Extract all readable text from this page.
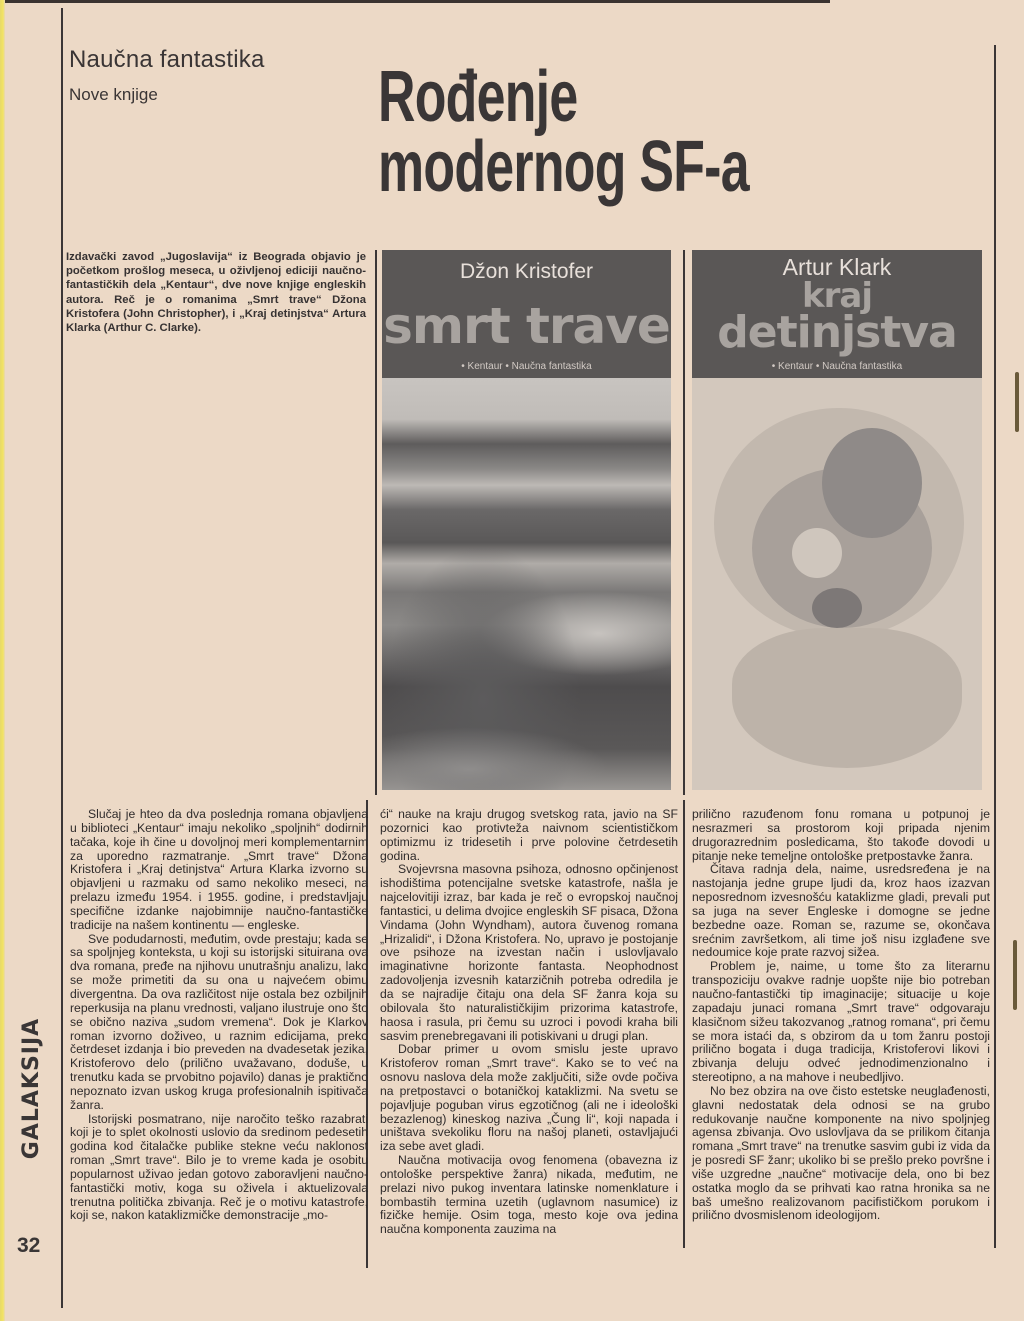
Naučna fantastika
Nove knjige	Rođenje
modernog SF-a
Izdavački zavod „Jugoslavija“ iz Beograda objavio je početkom prošlog meseca, u oživljenoj ediciji naučno-fantastičkih dela „Kentaur“, dve nove knjige engleskih autora. Reč je o romanima „Smrt trave“ Džona Kristofera (John Christopher), i „Kraj detinjstva“ Artura Klarka (Arthur C. Clarke).
Džon Kristofer
smrt trave
• Kentaur • Naučna fantastika
Artur Klark
kraj
detinjstva
• Kentaur • Naučna fantastika

Slučaj je hteo da dva poslednja romana objavljena u biblioteci „Kentaur“ imaju nekoliko „spoljnih“ dodirnih tačaka, koje ih čine u dovoljnoj meri komplementarnim za uporedno razmatranje. „Smrt trave“ Džona Kristofera i „Kraj detinjstva“ Artura Klarka izvorno su objavljeni u razmaku od samo nekoliko meseci, na prelazu između 1954. i 1955. godine, i predstavljaju specifične izdanke najobimnije naučno-fantastičke tradicije na našem kontinentu — engleske.

Sve podudarnosti, međutim, ovde prestaju; kada se sa spoljnjeg konteksta, u koji su istorijski situirana ova dva romana, pređe na njihovu unutrašnju analizu, lako se može primetiti da su ona u najvećem obimu divergentna. Da ova različitost nije ostala bez ozbiljnih reperkusija na planu vrednosti, valjano ilustruje ono što se obično naziva „sudom vremena“. Dok je Klarkov roman izvorno doživeo, u raznim edicijama, preko četrdeset izdanja i bio preveden na dvadesetak jezika, Kristoferovo delo (prilično uvažavano, doduše, u trenutku kada se prvobitno pojavilo) danas je praktično nepoznato izvan uskog kruga profesionalnih ispitivača žanra.

Istorijski posmatrano, nije naročito teško razabrati koji je to splet okolnosti uslovio da sredinom pedesetih godina kod čitalačke publike stekne veću naklonost roman „Smrt trave“. Bilo je to vreme kada je osobitu popularnost uživao jedan gotovo zaboravljeni naučno-fantastički motiv, koga su oživela i aktuelizovala trenutna politička zbivanja. Reč je o motivu katastrofe, koji se, nakon kataklizmičke demonstracije „mo-

ći“ nauke na kraju drugog svetskog rata, javio na SF pozornici kao protivteža naivnom scientističkom optimizmu iz tridesetih i prve polovine četrdesetih godina.

Svojevrsna masovna psihoza, odnosno opčinjenost ishodištima potencijalne svetske katastrofe, našla je najcelovitiji izraz, bar kada je reč o evropskoj naučnoj fantastici, u delima dvojice engleskih SF pisaca, Džona Vindama (John Wyndham), autora čuvenog romana „Hrizalidi“, i Džona Kristofera. No, upravo je postojanje ove psihoze na izvestan način i uslovljavalo imaginativne horizonte fantasta. Neophodnost zadovoljenja izvesnih katarzičnih potreba odredila je da se najradije čitaju ona dela SF žanra koja su obilovala što naturalističkijim prizorima katastrofe, haosa i rasula, pri čemu su uzroci i povodi kraha bili sasvim prenebregavani ili potiskivani u drugi plan.

Dobar primer u ovom smislu jeste upravo Kristoferov roman „Smrt trave“. Kako se to već na osnovu naslova dela može zaključiti, siže ovde počiva na pretpostavci o botaničkoj kataklizmi. Na svetu se pojavljuje poguban virus egzotičnog (ali ne i ideološki bezazlenog) kineskog naziva „Čung li“, koji napada i uništava svekoliku floru na našoj planeti, ostavljajući iza sebe avet gladi.

Naučna motivacija ovog fenomena (obavezna iz ontološke perspektive žanra) nikada, međutim, ne prelazi nivo pukog inventara latinske nomenklature i bombastih termina uzetih (uglavnom nasumice) iz fizičke hemije. Osim toga, mesto koje ova jedina naučna komponenta zauzima na

prilično razuđenom fonu romana u potpunoj je nesrazmeri sa prostorom koji pripada njenim drugorazrednim posledicama, što takođe dovodi u pitanje neke temeljne ontološke pretpostavke žanra.

Čitava radnja dela, naime, usredsređena je na nastojanja jedne grupe ljudi da, kroz haos izazvan neposrednom izvesnošću kataklizme gladi, prevali put sa juga na sever Engleske i domogne se jedne bezbedne oaze. Roman se, razume se, okončava srećnim završetkom, ali time još nisu izglađene sve nedoumice koje prate razvoj sižea.

Problem je, naime, u tome što za literarnu transpoziciju ovakve radnje uopšte nije bio potreban naučno-fantastički tip imaginacije; situacije u koje zapadaju junaci romana „Smrt trave“ odgovaraju klasičnom sižeu takozvanog „ratnog romana“, pri čemu se mora istaći da, s obzirom da u tom žanru postoji prilično bogata i duga tradicija, Kristoferovi likovi i zbivanja deluju odveć jednodimenzionalno i stereotipno, a na mahove i neubedljivo.

No bez obzira na ove čisto estetske neuglađenosti, glavni nedostatak dela odnosi se na grubo redukovanje naučne komponente na nivo spoljnjeg agensa zbivanja. Ovo uslovljava da se prilikom čitanja romana „Smrt trave“ na trenutke sasvim gubi iz vida da je posredi SF žanr; ukoliko bi se prešlo preko površne i više uzgredne „naučne“ motivacije dela, ono bi bez ostatka moglo da se prihvati kao ratna hronika sa ne baš umešno realizovanom pacifističkom porukom i prilično dvosmislenom ideologijom.

GALAKSIJA
32
